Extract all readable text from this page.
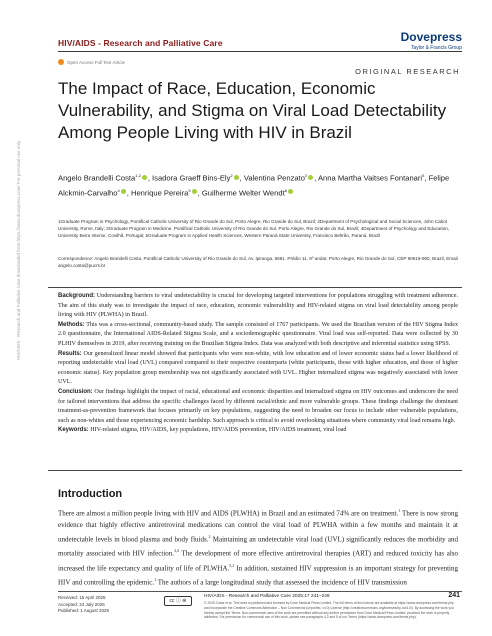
HIV/AIDS - Research and Palliative Care	Dovepress
Taylor & Francis Group
Open Access Full Text Article
ORIGINAL RESEARCH
The Impact of Race, Education, Economic Vulnerability, and Stigma on Viral Load Detectability Among People Living with HIV in Brazil
Angelo Brandelli Costa$^{1,2}$ , Isadora Graeff Bins-Ely$^2$ , Valentina Penzato$^2$ , Anna Martha Vaitses Fontanari$^3$, Felipe Alckmin-Carvalho$^4$ , Henrique Pereira$^5$ , Guilherme Welter Wendt$^6$
1Graduate Program in Psychology, Pontifical Catholic University of Rio Grande do Sul, Porto Alegre, Rio Grande do Sul, Brazil; 2Department of Psychological and Social Sciences, John Cabot University, Rome, Italy; 3Graduate Program in Medicine, Pontifical Catholic University of Rio Grande do Sul, Porto Alegre, Rio Grande do Sul, Brazil; 4Department of Psychology and Education, University Beira Interior, Covilhã, Portugal; 5Graduate Program in Applied Health Sciences, Western Paraná State University, Francisco Beltrão, Paraná, Brazil
Correspondence: Angelo Brandelli Costa, Pontifical Catholic University of Rio Grande do Sul, Av. Ipiranga, 6681. Prédio 11, 9º andar, Porto Alegre, Rio Grande do Sul, CEP 90619-900, Brazil, Email angelo.costa@pucrs.br

Background: Understanding barriers to viral undetectability is crucial for developing targeted interventions for populations struggling with treatment adherence. The aim of this study was to investigate the impact of race, education, economic vulnerability and HIV-related stigma on viral load detectability among people living with HIV (PLWHA) in Brazil.

Methods: This was a cross-sectional, community-based study. The sample consisted of 1767 participants. We used the Brazilian version of the HIV Stigma Index 2.0 questionnaire, the International AIDS-Related Stigma Scale, and a sociodemographic questionnaire. Viral load was self-reported. Data were collected by 30 PLHIV themselves in 2019, after receiving training on the Brazilian Stigma Index. Data was analyzed with both descriptive and inferential statistics using SPSS.

Results: Our generalized linear model showed that participants who were non-white, with low education and of lower economic status had a lower likelihood of reporting undetectable viral load (UVL) compared compared to their respective counterparts (white participants, those with higher education, and those of higher economic status). Key population group membership was not significantly associated with UVL. Higher internalized stigma was negatively associated with lower UVL.

Conclusion: Our findings highlight the impact of racial, educational and economic disparities and internalized stigma on HIV outcomes and underscore the need for tailored interventions that address the specific challenges faced by different racial/ethnic and more vulnerable groups. These findings challenge the dominant treatment-as-prevention framework that focuses primarily on key populations, suggesting the need to broaden our focus to include other vulnerable populations, such as non-whites and those experiencing economic hardship. Such approach is critical to avoid overlooking situations where community viral load remains high.

Keywords: HIV-related stigma, HIV/AIDS, key populations, HIV/AIDS prevention, HIV/AIDS treatment, viral load

Introduction
There are almost a million people living with HIV and AIDS (PLWHA) in Brazil and an estimated 74% are on treatment.$^1$ There is now strong evidence that highly effective antiretroviral medications can control the viral load of PLWHA within a few months and maintain it at undetectable levels in blood plasma and body fluids.$^2$ Maintaining an undetectable viral load (UVL) significantly reduces the morbidity and mortality associated with HIV infection.$^{3,4}$ The development of more effective antiretroviral therapies (ART) and reduced toxicity has also increased the life expectancy and quality of life of PLWHA.$^{5,2}$ In addition, sustained HIV suppression is an important strategy for preventing HIV and controlling the epidemic.$^1$ The authors of a large longitudinal study that assessed the incidence of HIV transmission
HIV/AIDS - Research and Palliative Care downloaded from https://www.dovepress.com/ For personal use only.
Received: 15 April 2025
Accepted: 24 July 2025
Published: 1 August 2025
cc ⓘ ⊜
HIV/AIDS - Research and Palliative Care 2025:17 241–249	241
© 2025 Costa et al. This work is published and licensed by Dove Medical Press Limited. The full terms of this license are available at https://www.dovepress.com/terms.php and incorporate the Creative Commons Attribution – Non Commercial (unported, v4.0) License (http://creativecommons.org/licenses/by-nc/4.0/). By accessing the work you hereby accept the Terms. Non-commercial uses of the work are permitted without any further permission from Dove Medical Press Limited, provided the work is properly attributed. For permission for commercial use of this work, please see paragraphs 4.2 and 5 of our Terms (https://www.dovepress.com/terms.php).
